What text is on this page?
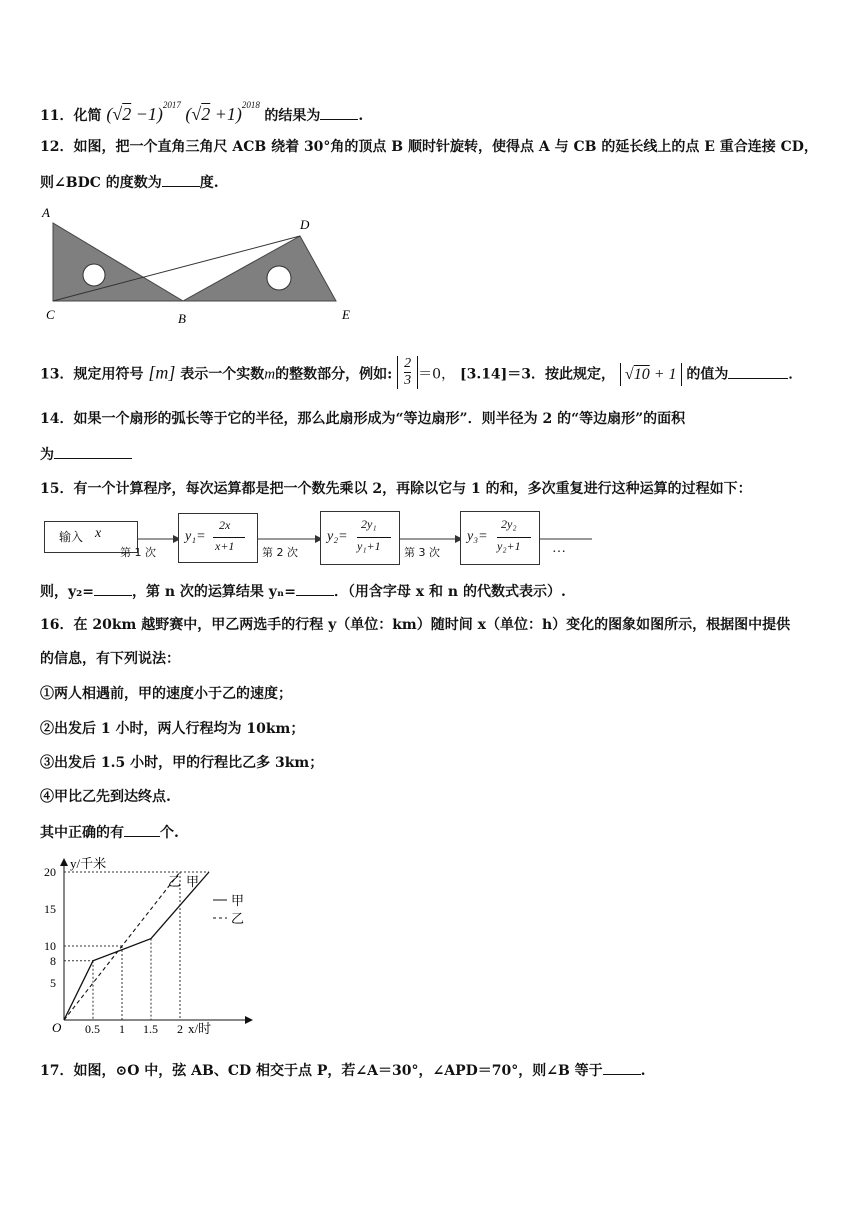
11．化简 $(√2 -1)^{2017}$ $(√2 +1)^{2018}$ 的结果为	.
12．如图，把一个直角三角尺 ACB 绕着 30°角的顶点 B 顺时针旋转，使得点 A 与 CB 的延长线上的点 E 重合连接 CD，
则∠BDC 的度数为	度.
A
C	B
D
E
13．规定用符号 [m] 表示一个实数m的整数部分，例如: $\frac{2}{3} =0$， [3.14]＝3．按此规定， √10 + 1 的值为	．
14．如果一个扇形的弧长等于它的半径，那么此扇形成为“等边扇形”．则半径为 2 的“等边扇形”的面积
为
15．有一个计算程序，每次运算都是把一个数先乘以 2，再除以它与 1 的和，多次重复进行这种运算的过程如下：
输入 x	y₁=
2x
x+1
y₂=
2y₁
y₁+1
y₃=
2y₂
y₂+1
第 1 次	第 2 次	第 3 次	…
则，y₂=	，第 n 次的运算结果 yₙ=	．（用含字母 x 和 n 的代数式表示）.
16．在 20km 越野赛中，甲乙两选手的行程 y（单位：km）随时间 x（单位：h）变化的图象如图所示，根据图中提供
的信息，有下列说法：
①两人相遇前，甲的速度小于乙的速度；
②出发后 1 小时，两人行程均为 10km；
③出发后 1.5 小时，甲的行程比乙多 3km；
④甲比乙先到达终点.
其中正确的有	个.
y/千米
x/时
O 0.5 1 1.5 2
5
8
10
15
20
乙 甲
甲
乙
17．如图，⊙O 中，弦 AB、CD 相交于点 P，若∠A＝30°，∠APD＝70°，则∠B 等于	.
